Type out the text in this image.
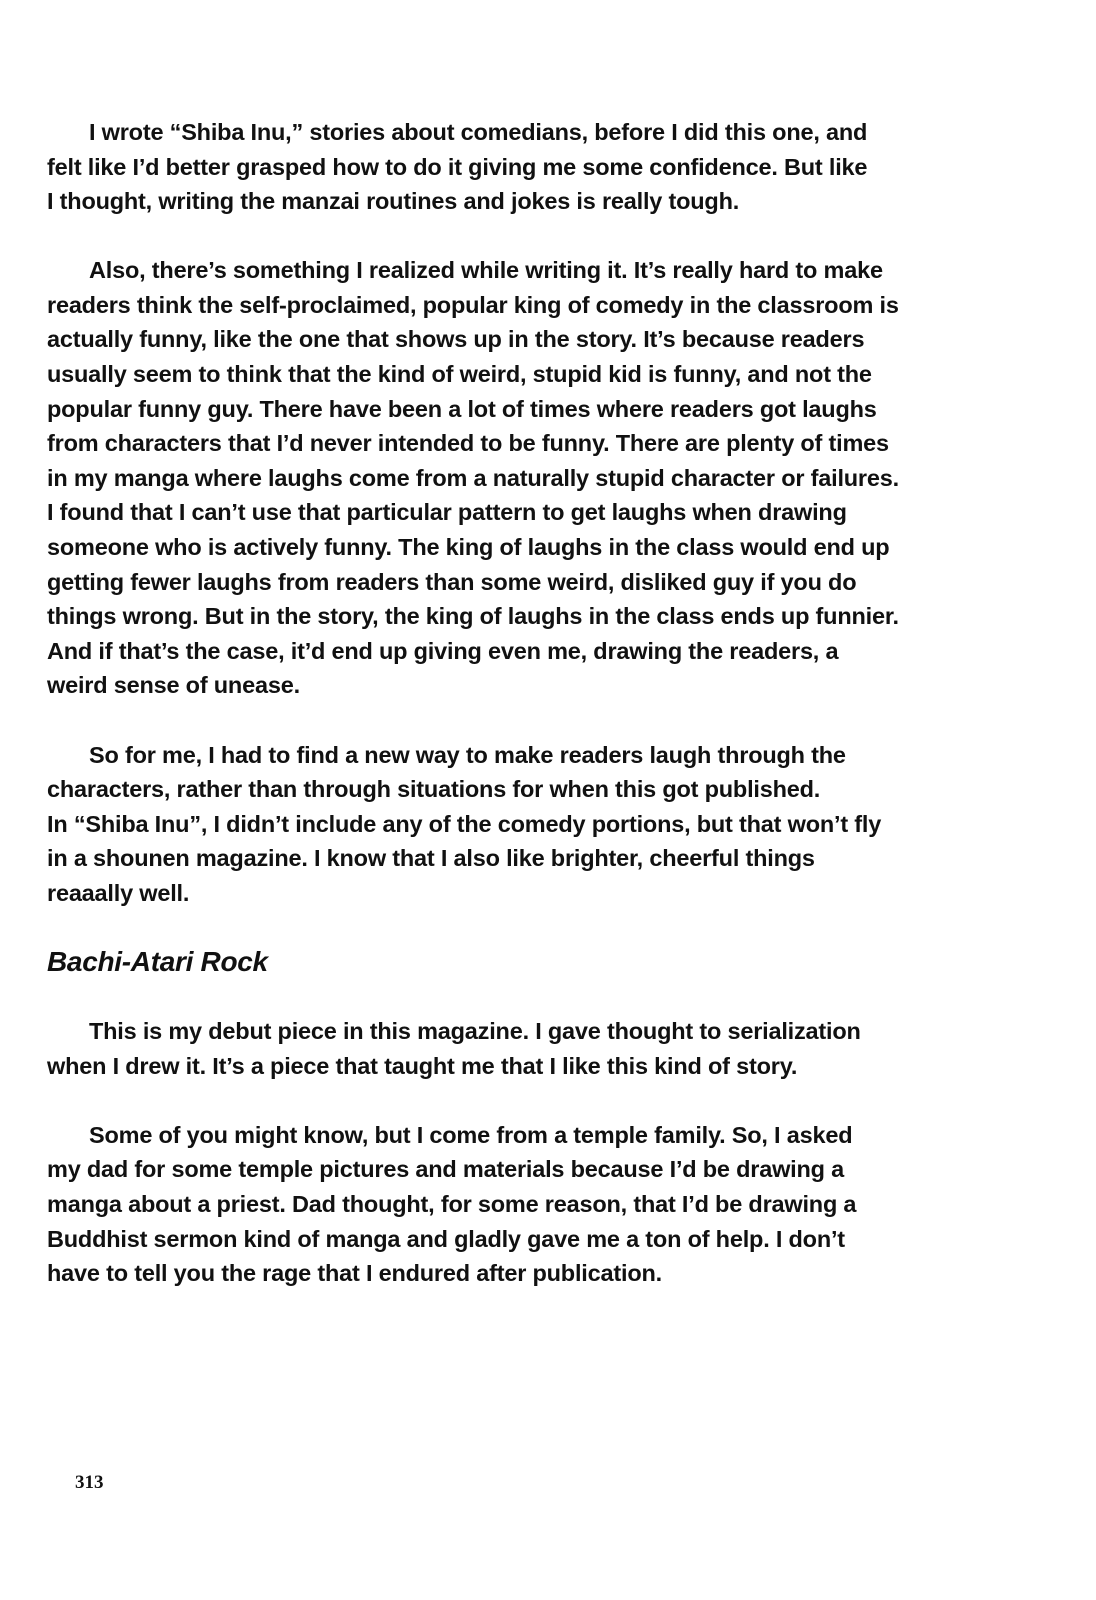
I wrote “Shiba Inu,” stories about comedians, before I did this one, and
felt like I’d better grasped how to do it giving me some confidence. But like
I thought, writing the manzai routines and jokes is really tough.

Also, there’s something I realized while writing it. It’s really hard to make
readers think the self-proclaimed, popular king of comedy in the classroom is
actually funny, like the one that shows up in the story. It’s because readers
usually seem to think that the kind of weird, stupid kid is funny, and not the
popular funny guy. There have been a lot of times where readers got laughs
from characters that I’d never intended to be funny. There are plenty of times
in my manga where laughs come from a naturally stupid character or failures.
I found that I can’t use that particular pattern to get laughs when drawing
someone who is actively funny. The king of laughs in the class would end up
getting fewer laughs from readers than some weird, disliked guy if you do
things wrong. But in the story, the king of laughs in the class ends up funnier.
And if that’s the case, it’d end up giving even me, drawing the readers, a
weird sense of unease.

So for me, I had to find a new way to make readers laugh through the
characters, rather than through situations for when this got published.
In “Shiba Inu”, I didn’t include any of the comedy portions, but that won’t fly
in a shounen magazine. I know that I also like brighter, cheerful things
reaaally well.

Bachi-Atari Rock

This is my debut piece in this magazine. I gave thought to serialization
when I drew it. It’s a piece that taught me that I like this kind of story.

Some of you might know, but I come from a temple family. So, I asked
my dad for some temple pictures and materials because I’d be drawing a
manga about a priest. Dad thought, for some reason, that I’d be drawing a
Buddhist sermon kind of manga and gladly gave me a ton of help. I don’t
have to tell you the rage that I endured after publication.

313
